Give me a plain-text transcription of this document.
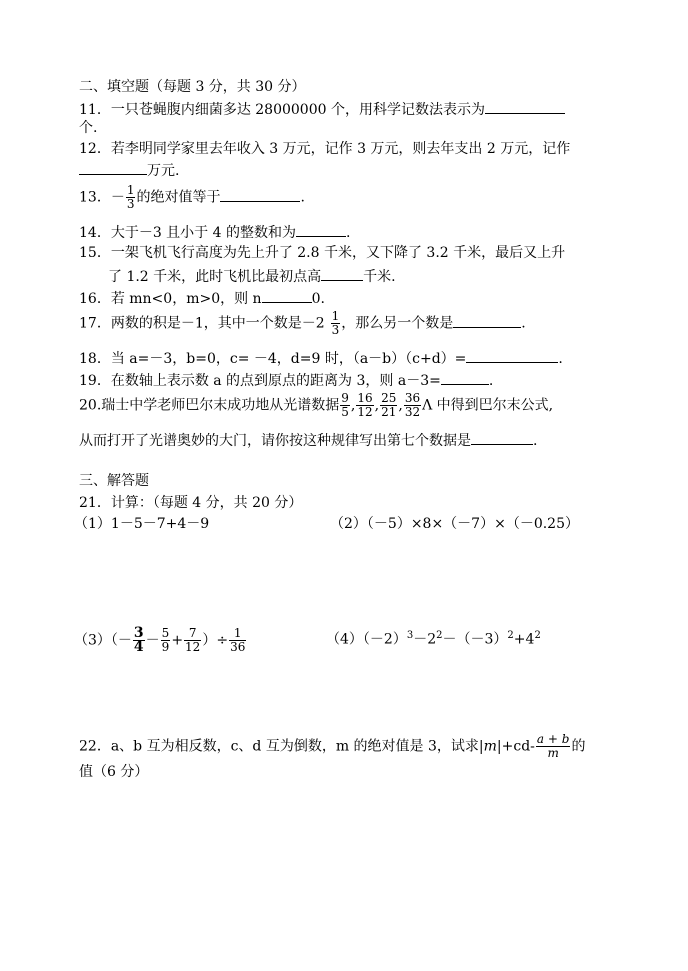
二、填空题（每题 3 分，共 30 分）
11．一只苍蝇腹内细菌多达 28000000 个，用科学记数法表示为
个.
12．若李明同学家里去年收入 3 万元，记作 3 万元，则去年支出 2 万元，记作
万元.
13．－ $\frac{1}{3}$ 的绝对值等于	.
14．大于－3 且小于 4 的整数和为	.
15．一架飞机飞行高度为先上升了 2.8 千米，又下降了 3.2 千米，最后又上升
了 1.2 千米，此时飞机比最初点高	千米.
16．若 mn<0，m>0，则 n	0.
17．两数的积是－1，其中一个数是$-2 \frac{1}{3}$ ，那么另一个数是	.
18．当 a=－3，b=0，c= －4，d=9 时，（a－b）（c+d）=	.
19．在数轴上表示数 a 的点到原点的距离为 3，则 a－3=	.
20.瑞士中学老师巴尔末成功地从光谱数据 $\frac{9}{5}$ , $\frac{16}{12}$ , $\frac{25}{21}$ , $\frac{36}{32}$ Λ 中得到巴尔末公式,
从而打开了光谱奥妙的大门，请你按这种规律写出第七个数据是	.
三、解答题
21．计算：（每题 4 分，共 20 分）
（1）1－5－7+4－9	（2）（－5）×8×（－7）×（－0.25）
$(3)(- \frac{3}{4} - \frac{5}{9} + \frac{7}{12}$ ）÷ $\frac{1}{36}$	$(4)(-2)^3-2^2-(-3)^2+4^2$
22．a、b 互为相反数，c、d 互为倒数，m 的绝对值是 3，试求$|m|+cd- \frac{a + b}{m}$ 的
值（6 分）
